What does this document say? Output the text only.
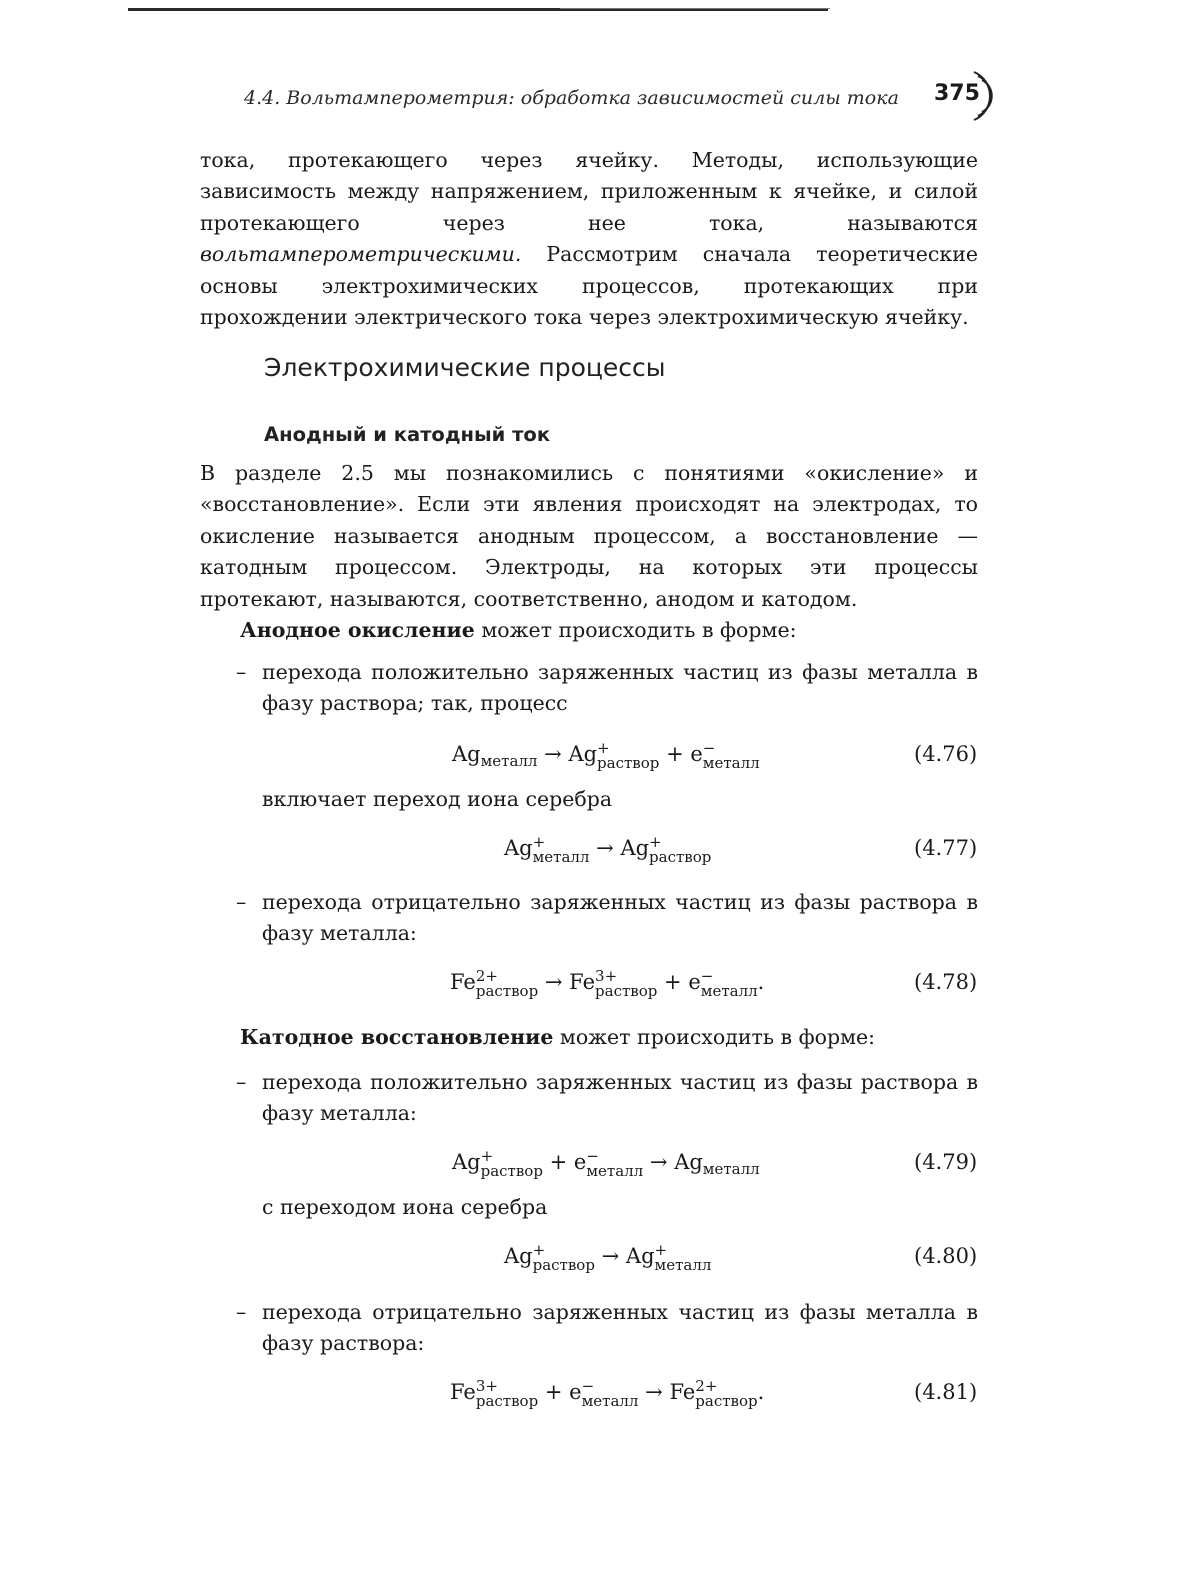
4.4. Вольтамперометрия: обработка зависимостей силы тока	375

тока, протекающего через ячейку. Методы, использующие зависимость между напряжением, приложенным к ячейке, и силой протекающего через нее тока, называются вольтамперометрическими. Рассмотрим сначала теоретические основы электрохимических процессов, протекающих при прохождении электрического тока через электрохимическую ячейку.

Электрохимические процессы
Анодный и катодный ток

В разделе 2.5 мы познакомились с понятиями «окисление» и «восстановление». Если эти явления происходят на электродах, то окисление называется анодным процессом, а восстановление — катодным процессом. Электроды, на которых эти процессы протекают, называются, соответственно, анодом и катодом.

Анодное окисление может происходить в форме:

– перехода положительно заряженных частиц из фазы металла в фазу раствора; так, процесс

$Ag_{металл} \to Ag$ +
раствор + e −
металл	(4.76)

включает переход иона серебра

Ag +
металл → Ag +
раствор	(4.77)

– перехода отрицательно заряженных частиц из фазы раствора в фазу металла:

Fe 2+
раствор → Fe 3+
раствор + e −
металл .	(4.78)

Катодное восстановление может происходить в форме:

– перехода положительно заряженных частиц из фазы раствора в фазу металла:

Ag +
раствор + e −
металл → $Ag_{металл}$	(4.79)

с переходом иона серебра

Ag +
раствор → Ag +
металл	(4.80)

– перехода отрицательно заряженных частиц из фазы металла в фазу раствора:

Fe 3+
раствор + e −
металл → Fe 2+
раствор .	(4.81)
